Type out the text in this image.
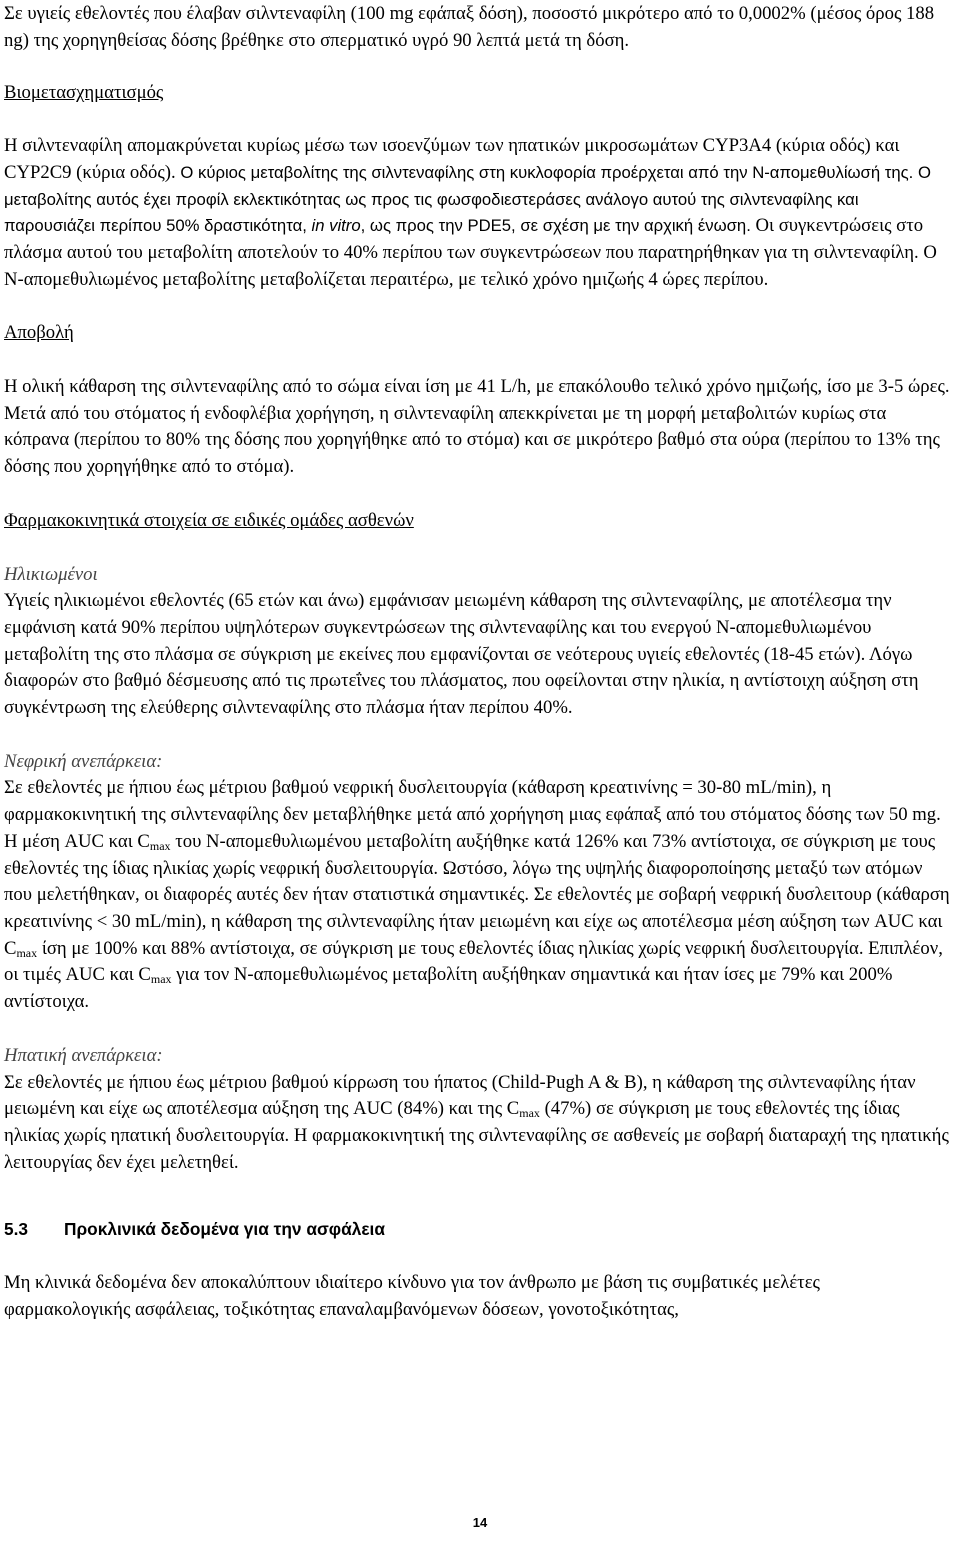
Σε υγιείς εθελοντές που έλαβαν σιλντεναφίλη (100 mg εφάπαξ δόση), ποσοστό μικρότερο από το 0,0002% (μέσος όρος 188 ng) της χορηγηθείσας δόσης βρέθηκε στο σπερματικό υγρό 90 λεπτά μετά τη δόση.

Βιομετασχηματισμός

Η σιλντεναφίλη απομακρύνεται κυρίως μέσω των ισοενζύμων των ηπατικών μικροσωμάτων CYP3A4 (κύρια οδός) και CYP2C9 (κύρια οδός). Ο κύριος μεταβολίτης της σιλντεναφίλης στη κυκλοφορία προέρχεται από την N-απομεθυλίωσή της. Ο μεταβολίτης αυτός έχει προφίλ εκλεκτικότητας ως προς τις φωσφοδιεστεράσες ανάλογο αυτού της σιλντεναφίλης και παρουσιάζει περίπου 50% δραστικότητα, in vitro, ως προς την PDE5, σε σχέση με την αρχική ένωση. Οι συγκεντρώσεις στο πλάσμα αυτού του μεταβολίτη αποτελούν το 40% περίπου των συγκεντρώσεων που παρατηρήθηκαν για τη σιλντεναφίλη. Ο N-απομεθυλιωμένος μεταβολίτης μεταβολίζεται περαιτέρω, με τελικό χρόνο ημιζωής 4 ώρες περίπου.

Αποβολή

Η ολική κάθαρση της σιλντεναφίλης από το σώμα είναι ίση με 41 L/h, με επακόλουθο τελικό χρόνο ημιζωής, ίσο με 3-5 ώρες. Μετά από του στόματος ή ενδοφλέβια χορήγηση, η σιλντεναφίλη απεκκρίνεται με τη μορφή μεταβολιτών κυρίως στα κόπρανα (περίπου το 80% της δόσης που χορηγήθηκε από το στόμα) και σε μικρότερο βαθμό στα ούρα (περίπου το 13% της δόσης που χορηγήθηκε από το στόμα).

Φαρμακοκινητικά στοιχεία σε ειδικές ομάδες ασθενών

Ηλικιωμένοι

Υγιείς ηλικιωμένοι εθελοντές (65 ετών και άνω) εμφάνισαν μειωμένη κάθαρση της σιλντεναφίλης, με αποτέλεσμα την εμφάνιση κατά 90% περίπου υψηλότερων συγκεντρώσεων της σιλντεναφίλης και του ενεργού N-απομεθυλιωμένου μεταβολίτη της στο πλάσμα σε σύγκριση με εκείνες που εμφανίζονται σε νεότερους υγιείς εθελοντές (18-45 ετών). Λόγω διαφορών στο βαθμό δέσμευσης από τις πρωτεΐνες του πλάσματος, που οφείλονται στην ηλικία, η αντίστοιχη αύξηση στη συγκέντρωση της ελεύθερης σιλντεναφίλης στο πλάσμα ήταν περίπου 40%.

Νεφρική ανεπάρκεια:

Σε εθελοντές με ήπιου έως μέτριου βαθμού νεφρική δυσλειτουργία (κάθαρση κρεατινίνης = 30-80 mL/min), η φαρμακοκινητική της σιλντεναφίλης δεν μεταβλήθηκε μετά από χορήγηση μιας εφάπαξ από του στόματος δόσης των 50 mg. Η μέση AUC και $C_{max}$ του N-απομεθυλιωμένου μεταβολίτη αυξήθηκε κατά 126% και 73% αντίστοιχα, σε σύγκριση με τους εθελοντές της ίδιας ηλικίας χωρίς νεφρική δυσλειτουργία. Ωστόσο, λόγω της υψηλής διαφοροποίησης μεταξύ των ατόμων που μελετήθηκαν, οι διαφορές αυτές δεν ήταν στατιστικά σημαντικές. Σε εθελοντές με σοβαρή νεφρική δυσλειτουρ (κάθαρση κρεατινίνης < 30 mL/min), η κάθαρση της σιλντεναφίλης ήταν μειωμένη και είχε ως αποτέλεσμα μέση αύξηση των AUC και $C_{max}$ ίση με 100% και 88% αντίστοιχα, σε σύγκριση με τους εθελοντές ίδιας ηλικίας χωρίς νεφρική δυσλειτουργία. Επιπλέον, οι τιμές AUC και $C_{max}$ για τον N-απομεθυλιωμένος μεταβολίτη αυξήθηκαν σημαντικά και ήταν ίσες με 79% και 200% αντίστοιχα.

Ηπατική ανεπάρκεια:

Σε εθελοντές με ήπιου έως μέτριου βαθμού κίρρωση του ήπατος (Child-Pugh A & B), η κάθαρση της σιλντεναφίλης ήταν μειωμένη και είχε ως αποτέλεσμα αύξηση της AUC (84%) και της $C_{max}$ (47%) σε σύγκριση με τους εθελοντές της ίδιας ηλικίας χωρίς ηπατική δυσλειτουργία. Η φαρμακοκινητική της σιλντεναφίλης σε ασθενείς με σοβαρή διαταραχή της ηπατικής λειτουργίας δεν έχει μελετηθεί.

5.3	Προκλινικά δεδομένα για την ασφάλεια

Μη κλινικά δεδομένα δεν αποκαλύπτουν ιδιαίτερο κίνδυνο για τον άνθρωπο με βάση τις συμβατικές μελέτες φαρμακολογικής ασφάλειας, τοξικότητας επαναλαμβανόμενων δόσεων, γονοτοξικότητας,

14
